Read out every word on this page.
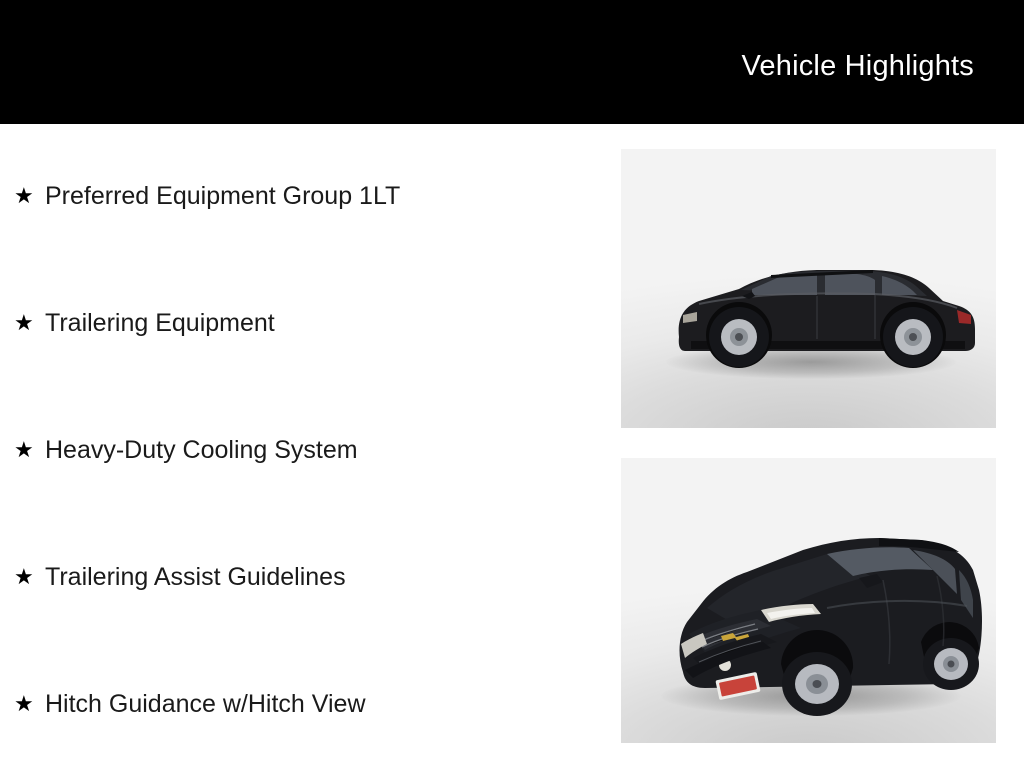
Vehicle Highlights
★ Preferred Equipment Group 1LT
★ Trailering Equipment
★ Heavy-Duty Cooling System
★ Trailering Assist Guidelines
★ Hitch Guidance w/Hitch View
